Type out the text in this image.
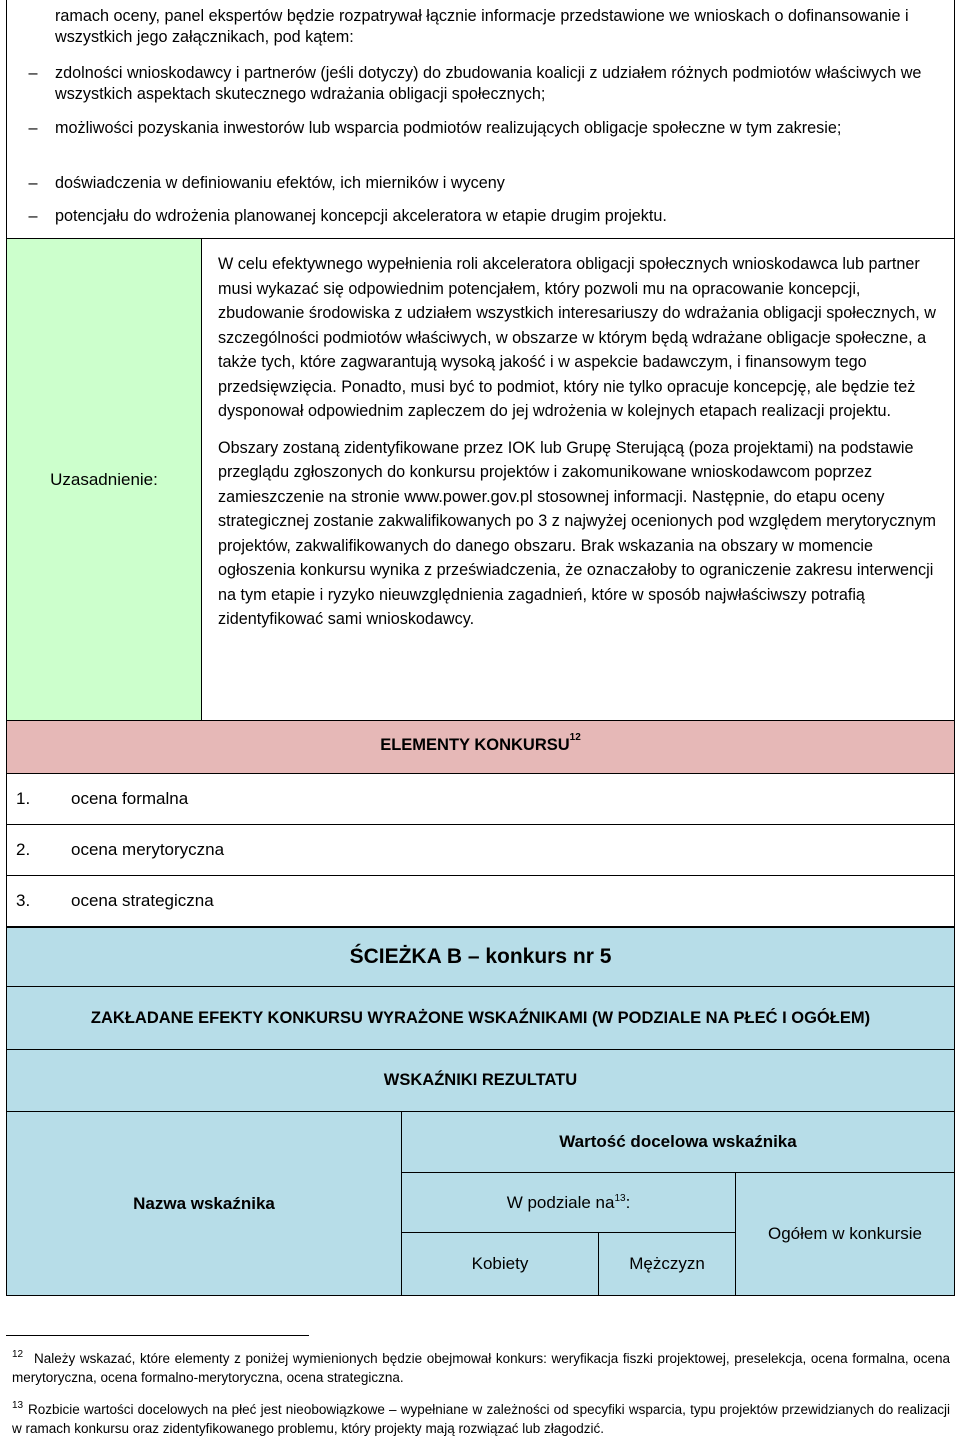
ramach oceny, panel ekspertów będzie rozpatrywał łącznie informacje przedstawione we wnioskach o dofinansowanie i wszystkich jego załącznikach, pod kątem:
–	zdolności wnioskodawcy i partnerów (jeśli dotyczy) do zbudowania koalicji z udziałem różnych podmiotów właściwych we wszystkich aspektach skutecznego wdrażania obligacji społecznych;
–	możliwości pozyskania inwestorów lub wsparcia podmiotów realizujących obligacje społeczne w tym zakresie;
–	doświadczenia w definiowaniu efektów, ich mierników i wyceny
–	potencjału do wdrożenia planowanej koncepcji akceleratora w etapie drugim projektu.
Uzasadnienie:

W celu efektywnego wypełnienia roli akceleratora obligacji społecznych wnioskodawca lub partner musi wykazać się odpowiednim potencjałem, który pozwoli mu na opracowanie koncepcji, zbudowanie środowiska z udziałem wszystkich interesariuszy do wdrażania obligacji społecznych, w szczególności podmiotów właściwych, w obszarze w którym będą wdrażane obligacje społeczne, a także tych, które zagwarantują wysoką jakość i w aspekcie badawczym, i finansowym tego przedsięwzięcia. Ponadto, musi być to podmiot, który nie tylko opracuje koncepcję, ale będzie też dysponował odpowiednim zapleczem do jej wdrożenia w kolejnych etapach realizacji projektu.

Obszary zostaną zidentyfikowane przez IOK lub Grupę Sterującą (poza projektami) na podstawie przeglądu zgłoszonych do konkursu projektów i zakomunikowane wnioskodawcom poprzez zamieszczenie na stronie www.power.gov.pl stosownej informacji. Następnie, do etapu oceny strategicznej zostanie zakwalifikowanych po 3 z najwyżej ocenionych pod względem merytorycznym projektów, zakwalifikowanych do danego obszaru. Brak wskazania na obszary w momencie ogłoszenia konkursu wynika z przeświadczenia, że oznaczałoby to ograniczenie zakresu interwencji na tym etapie i ryzyko nieuwzględnienia zagadnień, które w sposób najwłaściwszy potrafią zidentyfikować sami wnioskodawcy.

ELEMENTY KONKURSU$^{12}$
1. ocena formalna
2. ocena merytoryczna
3. ocena strategiczna
ŚCIEŻKA B – konkurs nr 5
ZAKŁADANE EFEKTY KONKURSU WYRAŻONE WSKAŹNIKAMI (W PODZIALE NA PŁEĆ I OGÓŁEM)
WSKAŹNIKI REZULTATU
Nazwa wskaźnika
Wartość docelowa wskaźnika
W podziale $na^{13}$ :
Kobiety	Mężczyzn
Ogółem w konkursie
12 Należy wskazać, które elementy z poniżej wymienionych będzie obejmował konkurs: weryfikacja fiszki projektowej, preselekcja, ocena formalna, ocena merytoryczna, ocena formalno-merytoryczna, ocena strategiczna.

13 Rozbicie wartości docelowych na płeć jest nieobowiązkowe – wypełniane w zależności od specyfiki wsparcia, typu projektów przewidzianych do realizacji w ramach konkursu oraz zidentyfikowanego problemu, który projekty mają rozwiązać lub złagodzić.
